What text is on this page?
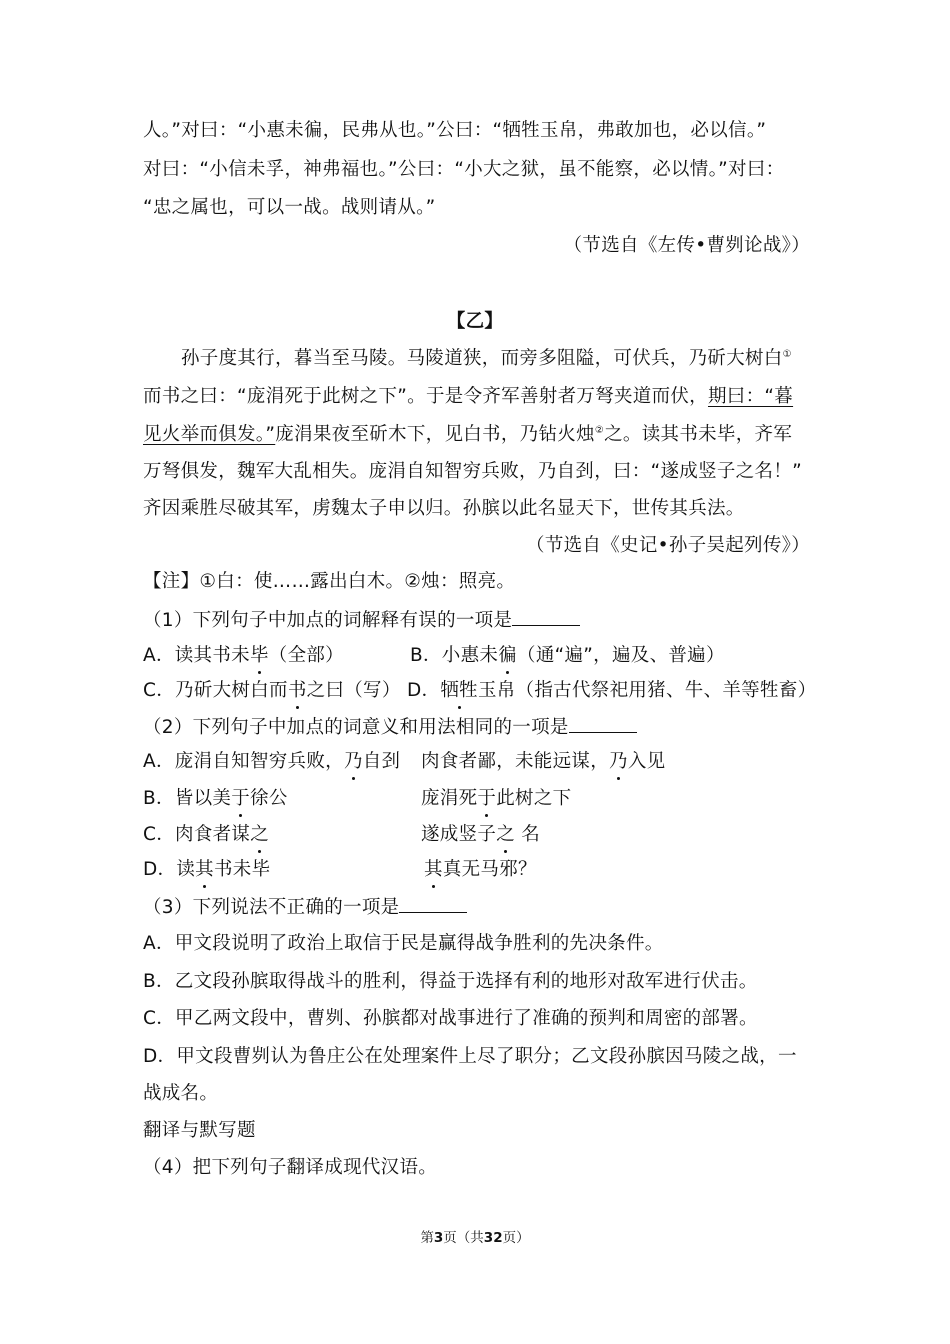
人。”对曰：“小惠未徧，民弗从也。”公曰：“牺牲玉帛，弗敢加也，必以信。”
对曰：“小信未孚，神弗福也。”公曰：“小大之狱，虽不能察，必以情。”对曰：
“忠之属也，可以一战。战则请从。”
（节选自《左传•曹刿论战》）
【乙】
孙子度其行，暮当至马陵。马陵道狭，而旁多阻隘，可伏兵，乃斫大树白①
而书之曰：“庞涓死于此树之下”。于是令齐军善射者万弩夹道而伏，期曰：“暮
见火举而俱发。”庞涓果夜至斫木下，见白书，乃钻火烛②之。读其书未毕，齐军
万弩俱发，魏军大乱相失。庞涓自知智穷兵败，乃自刭，曰：“遂成竖子之名！”
齐因乘胜尽破其军，虏魏太子申以归。孙膑以此名显天下，世传其兵法。
（节选自《史记•孙子吴起列传》）
【注】①白：使……露出白木。②烛：照亮。
（1）下列句子中加点的词解释有误的一项是
A．读其书未毕（全部）	B．小惠未徧（通“遍”，遍及、普遍）
C．乃斫大树白而书之曰（写） D．牺牲玉帛（指古代祭祀用猪、牛、羊等牲畜）
（2）下列句子中加点的词意义和用法相同的一项是
A．庞涓自知智穷兵败，乃自刭 肉食者鄙，未能远谋，乃入见
B．皆以美于徐公	庞涓死于此树之下
C．肉食者谋之	遂成竖子之 名
D．读其书未毕	其真无马邪？
（3）下列说法不正确的一项是
A．甲文段说明了政治上取信于民是赢得战争胜利的先决条件。
B．乙文段孙膑取得战斗的胜利，得益于选择有利的地形对敌军进行伏击。
C．甲乙两文段中，曹刿、孙膑都对战事进行了准确的预判和周密的部署。
D．甲文段曹刿认为鲁庄公在处理案件上尽了职分；乙文段孙膑因马陵之战，一
战成名。
翻译与默写题
（4）把下列句子翻译成现代汉语。
第3页（共32页）
